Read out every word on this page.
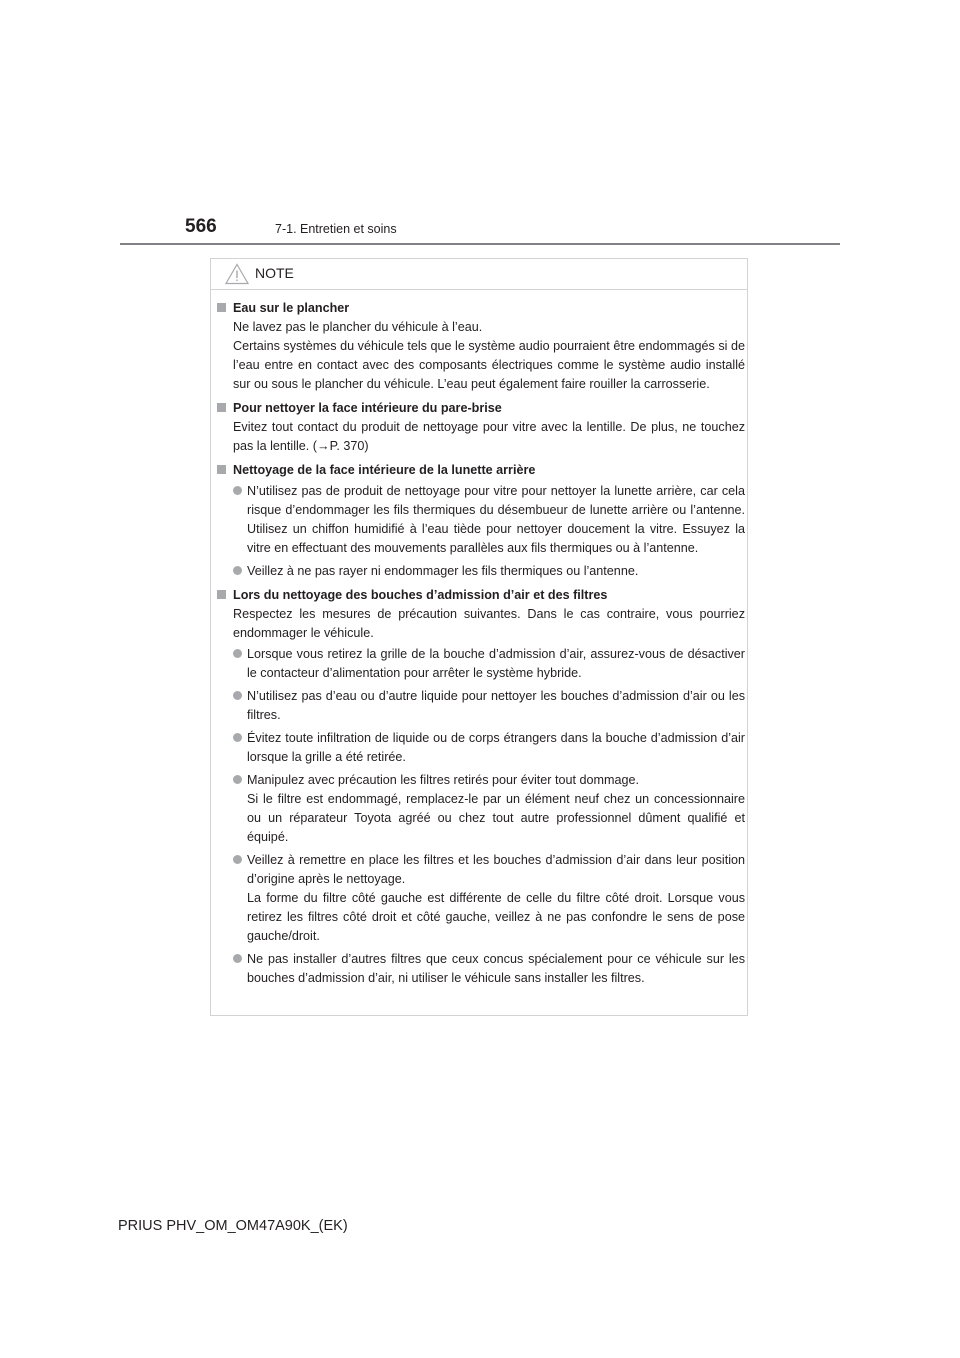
566	7-1. Entretien et soins
NOTE
Eau sur le plancher
Ne lavez pas le plancher du véhicule à l’eau.
Certains systèmes du véhicule tels que le système audio pourraient être endommagés si de l’eau entre en contact avec des composants électriques comme le système audio installé sur ou sous le plancher du véhicule. L’eau peut également faire rouiller la carrosserie.
Pour nettoyer la face intérieure du pare-brise
Evitez tout contact du produit de nettoyage pour vitre avec la lentille. De plus, ne touchez pas la lentille. (→P. 370)
Nettoyage de la face intérieure de la lunette arrière
N’utilisez pas de produit de nettoyage pour vitre pour nettoyer la lunette arrière, car cela risque d’endommager les fils thermiques du désembueur de lunette arrière ou l’antenne. Utilisez un chiffon humidifié à l’eau tiède pour nettoyer doucement la vitre. Essuyez la vitre en effectuant des mouvements parallèles aux fils thermiques ou à l’antenne.
Veillez à ne pas rayer ni endommager les fils thermiques ou l’antenne.
Lors du nettoyage des bouches d’admission d’air et des filtres
Respectez les mesures de précaution suivantes. Dans le cas contraire, vous pourriez endommager le véhicule.
Lorsque vous retirez la grille de la bouche d’admission d’air, assurez-vous de désactiver le contacteur d’alimentation pour arrêter le système hybride.
N’utilisez pas d’eau ou d’autre liquide pour nettoyer les bouches d’admission d’air ou les filtres.
Évitez toute infiltration de liquide ou de corps étrangers dans la bouche d’admission d’air lorsque la grille a été retirée.
Manipulez avec précaution les filtres retirés pour éviter tout dommage.
Si le filtre est endommagé, remplacez-le par un élément neuf chez un concessionnaire ou un réparateur Toyota agréé ou chez tout autre professionnel dûment qualifié et équipé.
Veillez à remettre en place les filtres et les bouches d’admission d’air dans leur position d’origine après le nettoyage.
La forme du filtre côté gauche est différente de celle du filtre côté droit. Lorsque vous retirez les filtres côté droit et côté gauche, veillez à ne pas confondre le sens de pose gauche/droit.
Ne pas installer d’autres filtres que ceux concus spécialement pour ce véhicule sur les bouches d’admission d’air, ni utiliser le véhicule sans installer les filtres.
PRIUS PHV_OM_OM47A90K_(EK)
